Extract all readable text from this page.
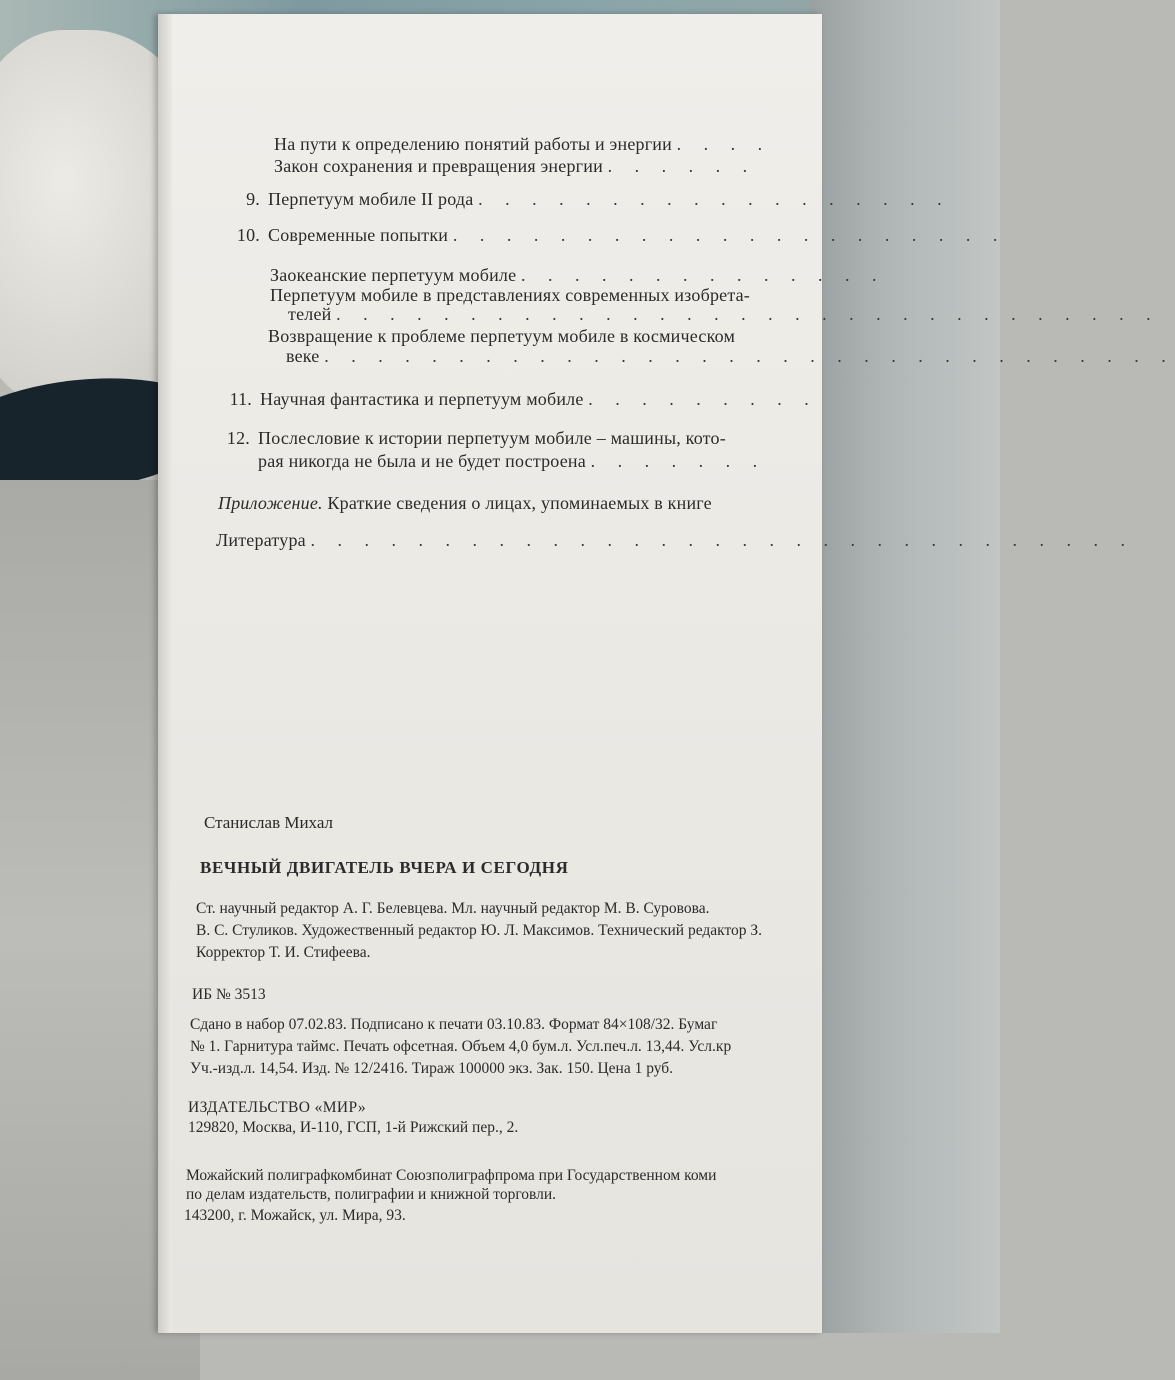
На пути к определению понятий работы и энергии . . . .
Закон сохранения и превращения энергии . . . . . .
9. Перпетуум мобиле II рода . . . . . . . . . . . . . . . . . .
10. Современные попытки . . . . . . . . . . . . . . . . . . . . .
Заокеанские перпетуум мобиле . . . . . . . . . . . . . .
Перпетуум мобиле в представлениях современных изобрета-
телей . . . . . . . . . . . . . . . . . . . . . . . . . . . . . . .
Возвращение к проблеме перпетуум мобиле в космическом
веке . . . . . . . . . . . . . . . . . . . . . . . . . . . . . . . .
11. Научная фантастика и перпетуум мобиле . . . . . . . . .
12. Послесловие к истории перпетуум мобиле – машины, кото-
рая никогда не была и не будет построена . . . . . . .
Приложение. Краткие сведения о лицах, упоминаемых в книге
Литература . . . . . . . . . . . . . . . . . . . . . . . . . . . . . . .
Станислав Михал
ВЕЧНЫЙ ДВИГАТЕЛЬ ВЧЕРА И СЕГОДНЯ
Ст. научный редактор А. Г. Белевцева. Мл. научный редактор М. В. Суровова.
В. С. Стуликов. Художественный редактор Ю. Л. Максимов. Технический редактор З.
Корректор Т. И. Стифеева.
ИБ № 3513
Сдано в набор 07.02.83. Подписано к печати 03.10.83. Формат 84×108/32. Бумаг
№ 1. Гарнитура таймс. Печать офсетная. Объем 4,0 бум.л. Усл.печ.л. 13,44. Усл.кр
Уч.-изд.л. 14,54. Изд. № 12/2416. Тираж 100000 экз. Зак. 150. Цена 1 руб.
ИЗДАТЕЛЬСТВО «МИР»
129820, Москва, И-110, ГСП, 1-й Рижский пер., 2.
Можайский полиграфкомбинат Союзполиграфпрома при Государственном коми
по делам издательств, полиграфии и книжной торговли.
143200, г. Можайск, ул. Мира, 93.
